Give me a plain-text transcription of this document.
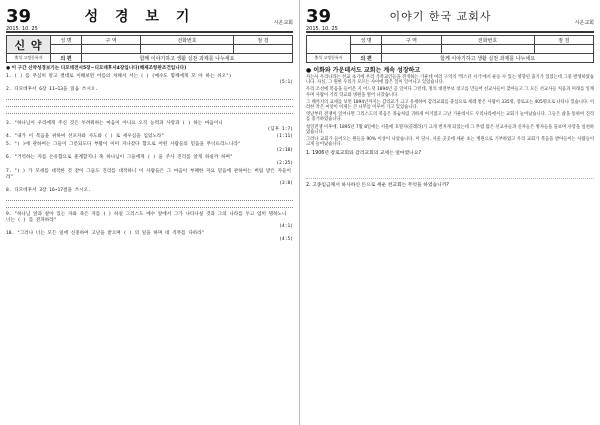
39	성 경 보 기	시온교회
2015. 10. 25
신 약	성 명	구 역	전화번호	점 검

출석 고정등록자	의 편	함께 이야기하고 생활 실천 과제를 나누세요		
● 이 구간 신약성경보기는 디모데전서5장~디모데후서4장입니다(해제조항판조건입니다)
1. ( ) 를 무심히 알고 결대로 이해보면 어름의 처해서 서는 ( ) (예수도 함께에게 모 아 하는 쉬오")
(5:1)
2. 디모데후서 6장 11~13을 읽읍 쓰시오.
3. "하나님이 우리에게 주신 것은 두려워하는 마음이 아니요 오직 능력과 사랑과 ( ) 하는 마음이니
(딤후 1:7)
4. "내가 이 복음을 위하여 선포자와 사도와 ( ) 로 세우심을 입었노라"	(1:11)
5. "( )에 관하여는 그들이 그릇되도다 부활이 이미 지나갔다 함으로 어떤 사람들의 믿음을 무너뜨리느니라"
(2:18)
6. "거역하는 자를 온유함으로 훈계할지니 혹 하나님이 그들에게 ( ) 을 주사 진리를 알게 하실까 하며"
(2:25)
7. "( ) 가 모세를 대적한 것 같이 그들도 진리를 대적하니 이 사람들은 그 마음이 부패한 자요 믿음에 관하여는 버림 받은 자들이라"
(3:8)
8. 디모데후서 3장 16~17절을 쓰시오.
9. "하나님 앞과 살아 있는 자와 죽은 자를 ( ) 하실 그리스도 예수 앞에서 그가 나타나실 것과 그의 나라를 두고 엄히 명하노니 너는 ( ) 를 전파하라"
(4:1)
10. "그러나 너는 모든 일에 신중하여 고난을 받으며 ( ) 의 일을 하며 네 직무를 다하라"
(4:5)
39	이야기 한국 교회사	시온교회
2015. 10. 25
	성 명	구 역	전화번호	점 검

출석 고정등록자	의 편	함께 이야기하고 생활 실천 과제를 나누세요		
● 이화와 가운데서도 교회는 계속 성장하고
자는사 우리나라는 선교 초기에 우리 가족교인들을 전개하는 가운데 여러 구역의 '엑스터 서기'에서 운동 수 있는 영향된 출기가 있었는데 그중 발생하였습니다. 사실, 그 원한 우리가 모르는 사이에 많은 일이 일어나고 있었습니다.
우리 조선에 복음을 들어온 지 어느덧 1894년 곧 일이다 그런데, 정의 대전부보 창고를 만들어 선교사들이 찾아들고 그 모든 선교사들 처음과 미래를 일깨우며 사람이 거리 학교와 병원을 열어 나갔습니다.
그 해까지의 교세를 보면 1894년까지는 감리교가 크고 유세하여 감리교회를 중심으로 세례 받은 사람이 335명, 장로교는 405명으로 나타나 있습니다. 이러한 작은 씨앗이 이제는 큰 나무를 이루어 가고 있었습니다.
엿날부터 전쟁이 일어나면 그리스도의 복음은 목숨처럼 귀하게 여겨졌고 고난 가운데서도 우리나라에서는 교회가 늘어났습니다. 그들은 삶을 통하여 진리를 증거하였습니다.
청일전쟁 이후에, 1895년 7월 8일에는 서울에 호열자(콜레라)가 크게 번지게 되었는데 그 무렵 많은 선교사들과 신자들은 병자들을 돌보며 사랑을 실천하였습니다.
그러나 교회가 들어오는 원들을 90% 이상이 나았습니다. 이 당시, 서울 곳곳에 세운 초는 병원으로 기부하였고 우리 교회가 복음을 받아들이는 사람들이 크게 늘어났습니다.
1. 1906년 장로교회와 감리교회의 교세는 얼마였나요?
2. 고종임금께서 하사하신 돈으로 세운 천교회는 무엇을 하였습니까?
